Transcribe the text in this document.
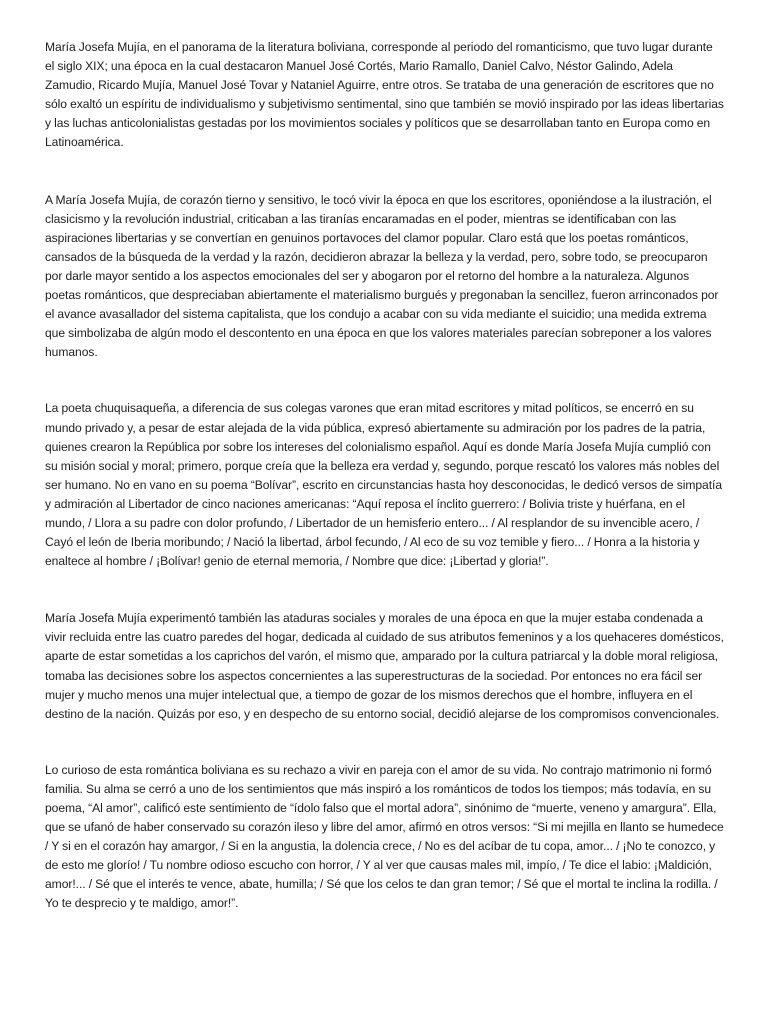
María Josefa Mujía, en el panorama de la literatura boliviana, corresponde al periodo del romanticismo, que tuvo lugar durante el siglo XIX; una época en la cual destacaron Manuel José Cortés, Mario Ramallo, Daniel Calvo, Néstor Galindo, Adela Zamudio, Ricardo Mujía, Manuel José Tovar y Nataniel Aguirre, entre otros. Se trataba de una generación de escritores que no sólo exaltó un espíritu de individualismo y subjetivismo sentimental, sino que también se movió inspirado por las ideas libertarias y las luchas anticolonialistas gestadas por los movimientos sociales y políticos que se desarrollaban tanto en Europa como en Latinoamérica.

A María Josefa Mujía, de corazón tierno y sensitivo, le tocó vivir la época en que los escritores, oponiéndose a la ilustración, el clasicismo y la revolución industrial, criticaban a las tiranías encaramadas en el poder, mientras se identificaban con las aspiraciones libertarias y se convertían en genuinos portavoces del clamor popular. Claro está que los poetas románticos, cansados de la búsqueda de la verdad y la razón, decidieron abrazar la belleza y la verdad, pero, sobre todo, se preocuparon por darle mayor sentido a los aspectos emocionales del ser y abogaron por el retorno del hombre a la naturaleza. Algunos poetas románticos, que despreciaban abiertamente el materialismo burgués y pregonaban la sencillez, fueron arrinconados por el avance avasallador del sistema capitalista, que los condujo a acabar con su vida mediante el suicidio; una medida extrema que simbolizaba de algún modo el descontento en una época en que los valores materiales parecían sobreponer a los valores humanos.

La poeta chuquisaqueña, a diferencia de sus colegas varones que eran mitad escritores y mitad políticos, se encerró en su mundo privado y, a pesar de estar alejada de la vida pública, expresó abiertamente su admiración por los padres de la patria, quienes crearon la República por sobre los intereses del colonialismo español. Aquí es donde María Josefa Mujía cumplió con su misión social y moral; primero, porque creía que la belleza era verdad y, segundo, porque rescató los valores más nobles del ser humano. No en vano en su poema “Bolívar”, escrito en circunstancias hasta hoy desconocidas, le dedicó versos de simpatía y admiración al Libertador de cinco naciones americanas: “Aquí reposa el ínclito guerrero: / Bolivia triste y huérfana, en el mundo, / Llora a su padre con dolor profundo, / Libertador de un hemisferio entero... / Al resplandor de su invencible acero, / Cayó el león de Iberia moribundo; / Nació la libertad, árbol fecundo, / Al eco de su voz temible y fiero... / Honra a la historia y enaltece al hombre / ¡Bolívar! genio de eternal memoria, / Nombre que dice: ¡Libertad y gloria!”.

María Josefa Mujía experimentó también las ataduras sociales y morales de una época en que la mujer estaba condenada a vivir recluida entre las cuatro paredes del hogar, dedicada al cuidado de sus atributos femeninos y a los quehaceres domésticos, aparte de estar sometidas a los caprichos del varón, el mismo que, amparado por la cultura patriarcal y la doble moral religiosa, tomaba las decisiones sobre los aspectos concernientes a las superestructuras de la sociedad. Por entonces no era fácil ser mujer y mucho menos una mujer intelectual que, a tiempo de gozar de los mismos derechos que el hombre, influyera en el destino de la nación. Quizás por eso, y en despecho de su entorno social, decidió alejarse de los compromisos convencionales.

Lo curioso de esta romántica boliviana es su rechazo a vivir en pareja con el amor de su vida. No contrajo matrimonio ni formó familia. Su alma se cerró a uno de los sentimientos que más inspiró a los románticos de todos los tiempos; más todavía, en su poema, “Al amor”, calificó este sentimiento de “ídolo falso que el mortal adora”, sinónimo de “muerte, veneno y amargura”. Ella, que se ufanó de haber conservado su corazón ileso y libre del amor, afirmó en otros versos: “Si mi mejilla en llanto se humedece / Y si en el corazón hay amargor, / Si en la angustia, la dolencia crece, / No es del acíbar de tu copa, amor... / ¡No te conozco, y de esto me glorío! / Tu nombre odioso escucho con horror, / Y al ver que causas males mil, impío, / Te dice el labio: ¡Maldición, amor!... / Sé que el interés te vence, abate, humilla; / Sé que los celos te dan gran temor; / Sé que el mortal te inclina la rodilla. / Yo te desprecio y te maldigo, amor!”.
